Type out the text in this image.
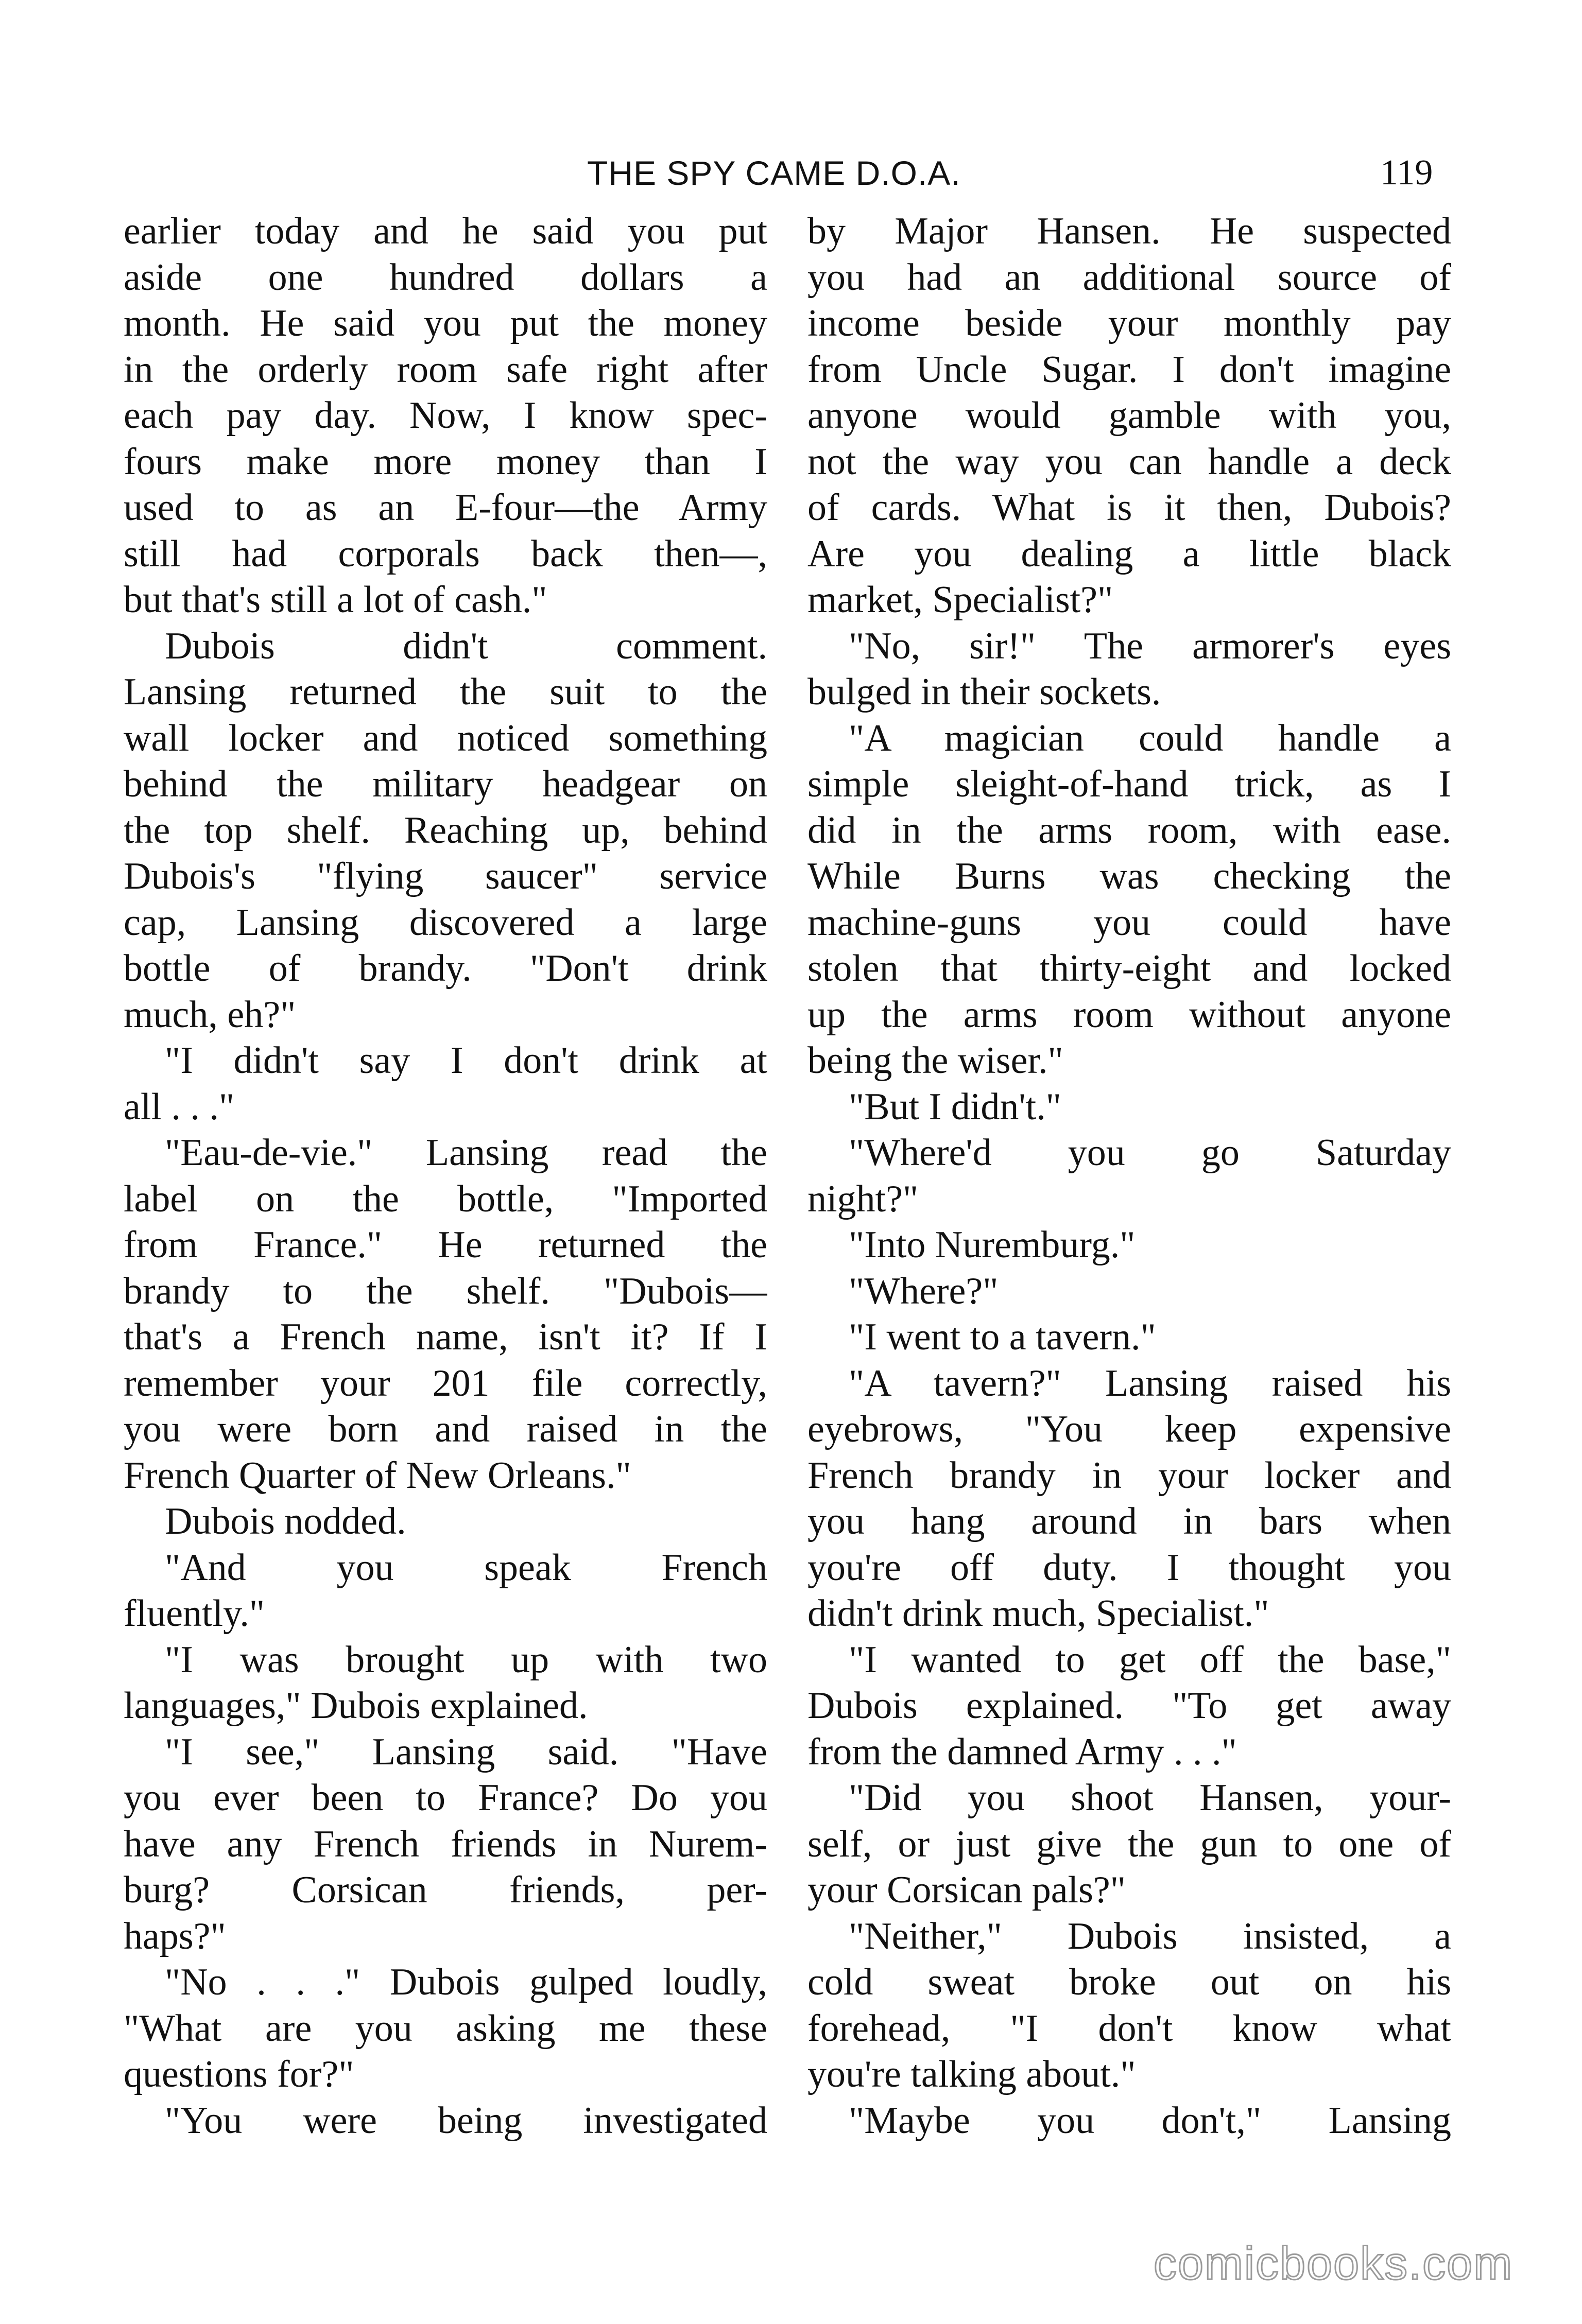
THE SPY CAME D.O.A.	119
earlier today and he said you put
aside one hundred dollars a
month. He said you put the money
in the orderly room safe right after
each pay day. Now, I know spec-
fours make more money than I
used to as an E-four—the Army
still had corporals back then—,
but that's still a lot of cash."
Dubois didn't comment.
Lansing returned the suit to the
wall locker and noticed something
behind the military headgear on
the top shelf. Reaching up, behind
Dubois's "flying saucer" service
cap, Lansing discovered a large
bottle of brandy. "Don't drink
much, eh?"
"I didn't say I don't drink at
all . . ."
"Eau-de-vie." Lansing read the
label on the bottle, "Imported
from France." He returned the
brandy to the shelf. "Dubois—
that's a French name, isn't it? If I
remember your 201 file correctly,
you were born and raised in the
French Quarter of New Orleans."
Dubois nodded.
"And you speak French
fluently."
"I was brought up with two
languages," Dubois explained.
"I see," Lansing said. "Have
you ever been to France? Do you
have any French friends in Nurem-
burg? Corsican friends, per-
haps?"
"No . . ." Dubois gulped loudly,
"What are you asking me these
questions for?"
"You were being investigated
by Major Hansen. He suspected
you had an additional source of
income beside your monthly pay
from Uncle Sugar. I don't imagine
anyone would gamble with you,
not the way you can handle a deck
of cards. What is it then, Dubois?
Are you dealing a little black
market, Specialist?"
"No, sir!" The armorer's eyes
bulged in their sockets.
"A magician could handle a
simple sleight-of-hand trick, as I
did in the arms room, with ease.
While Burns was checking the
machine-guns you could have
stolen that thirty-eight and locked
up the arms room without anyone
being the wiser."
"But I didn't."
"Where'd you go Saturday
night?"
"Into Nuremburg."
"Where?"
"I went to a tavern."
"A tavern?" Lansing raised his
eyebrows, "You keep expensive
French brandy in your locker and
you hang around in bars when
you're off duty. I thought you
didn't drink much, Specialist."
"I wanted to get off the base,"
Dubois explained. "To get away
from the damned Army . . ."
"Did you shoot Hansen, your-
self, or just give the gun to one of
your Corsican pals?"
"Neither," Dubois insisted, a
cold sweat broke out on his
forehead, "I don't know what
you're talking about."
"Maybe you don't," Lansing
comicbooks.com
